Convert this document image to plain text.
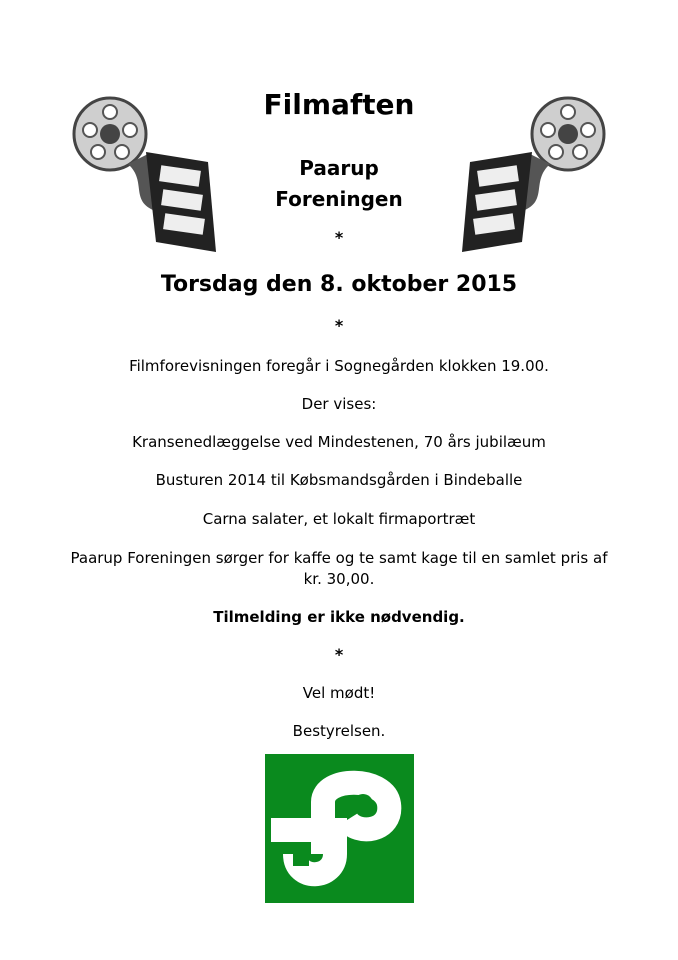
Filmaften
Paarup
Foreningen
*
Torsdag den 8. oktober 2015
*
Filmforevisningen foregår i Sognegården klokken 19.00.
Der vises:
Kransenedlæggelse ved Mindestenen, 70 års jubilæum
Busturen 2014 til Købsmandsgården i Bindeballe
Carna salater, et lokalt firmaportræt
Paarup Foreningen sørger for kaffe og te samt kage til en samlet pris af
kr. 30,00.
Tilmelding er ikke nødvendig.
*
Vel mødt!
Bestyrelsen.
